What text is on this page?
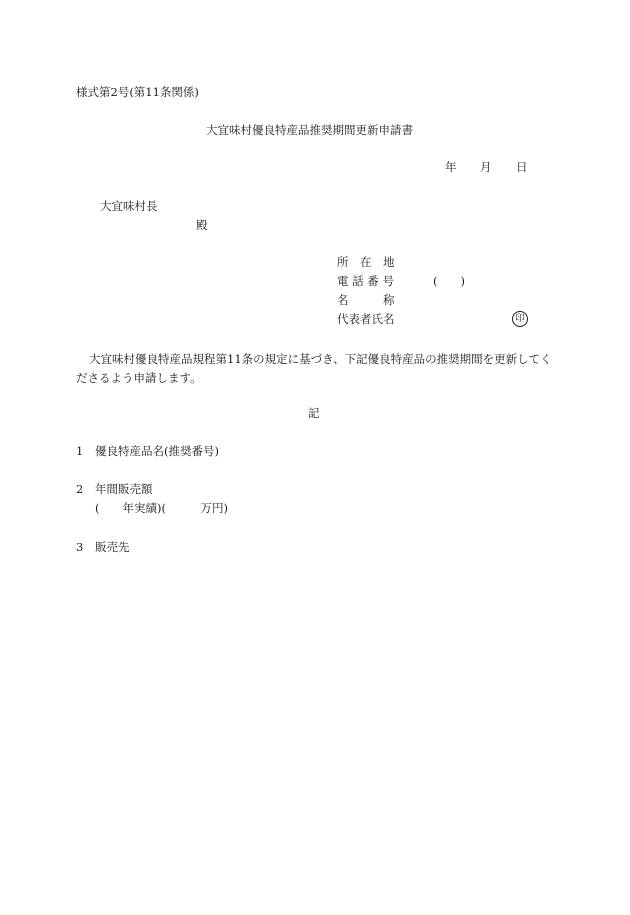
様式第2号(第11条関係)
大宜味村優良特産品推奨期間更新申請書
年 月 日
大宜味村長
殿
所　在　地
電 話 番 号	(　　)
名　　　称
代表者氏名	印
大宜味村優良特産品規程第11条の規定に基づき、下記優良特産品の推奨期間を更新してくださるよう申請します。
記
1 優良特産品名(推奨番号)
2 年間販売額
(　　年実績)(　　　万円)
3 販売先
